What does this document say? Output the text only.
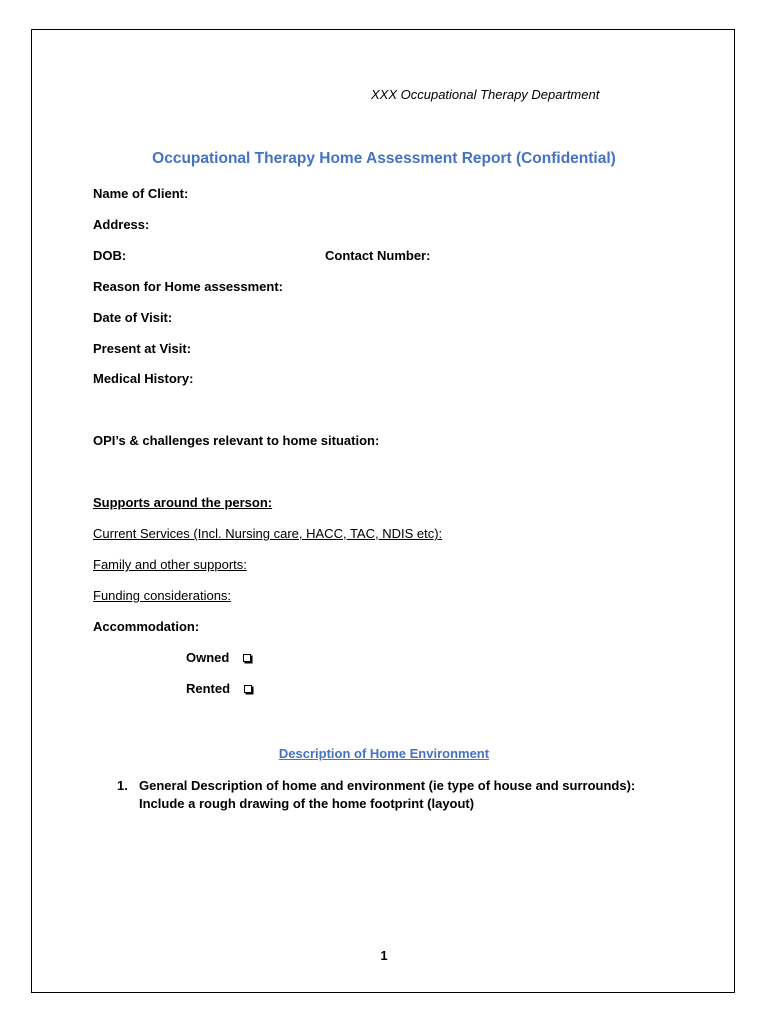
XXX Occupational Therapy Department
Occupational Therapy Home Assessment Report (Confidential)
Name of Client:
Address:
DOB:	Contact Number:
Reason for Home assessment:
Date of Visit:
Present at Visit:
Medical History:
OPI’s & challenges relevant to home situation:
Supports around the person:
Current Services (Incl. Nursing care, HACC, TAC, NDIS etc):
Family and other supports:
Funding considerations:
Accommodation:
Owned
Rented
Description of Home Environment
1. General Description of home and environment (ie type of house and surrounds):
Include a rough drawing of the home footprint (layout)
1
